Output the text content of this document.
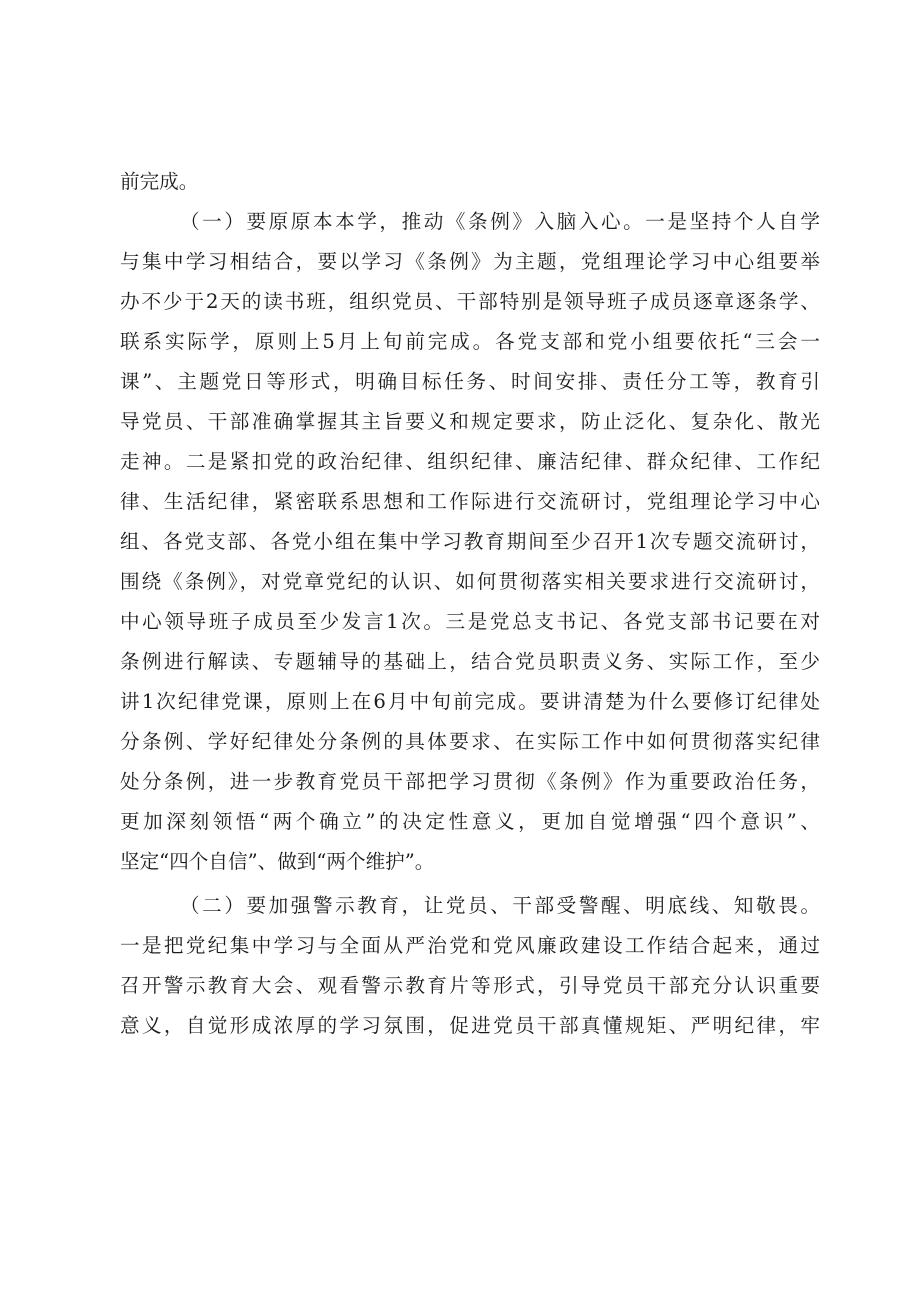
前完成。
（一）要原原本本学，推动《条例》入脑入心。一是坚持个人自学
与集中学习相结合，要以学习《条例》为主题，党组理论学习中心组要举
办不少于2天的读书班，组织党员、干部特别是领导班子成员逐章逐条学、
联系实际学，原则上5月上旬前完成。各党支部和党小组要依托“三会一
课”、主题党日等形式，明确目标任务、时间安排、责任分工等，教育引
导党员、干部准确掌握其主旨要义和规定要求，防止泛化、复杂化、散光
走神。二是紧扣党的政治纪律、组织纪律、廉洁纪律、群众纪律、工作纪
律、生活纪律，紧密联系思想和工作际进行交流研讨，党组理论学习中心
组、各党支部、各党小组在集中学习教育期间至少召开1次专题交流研讨，
围绕《条例》，对党章党纪的认识、如何贯彻落实相关要求进行交流研讨，
中心领导班子成员至少发言1次。三是党总支书记、各党支部书记要在对
条例进行解读、专题辅导的基础上，结合党员职责义务、实际工作，至少
讲1次纪律党课，原则上在6月中旬前完成。要讲清楚为什么要修订纪律处
分条例、学好纪律处分条例的具体要求、在实际工作中如何贯彻落实纪律
处分条例，进一步教育党员干部把学习贯彻《条例》作为重要政治任务，
更加深刻领悟“两个确立”的决定性意义，更加自觉增强“四个意识”、
坚定“四个自信”、做到“两个维护”。
（二）要加强警示教育，让党员、干部受警醒、明底线、知敬畏。
一是把党纪集中学习与全面从严治党和党风廉政建设工作结合起来，通过
召开警示教育大会、观看警示教育片等形式，引导党员干部充分认识重要
意义，自觉形成浓厚的学习氛围，促进党员干部真懂规矩、严明纪律，牢
